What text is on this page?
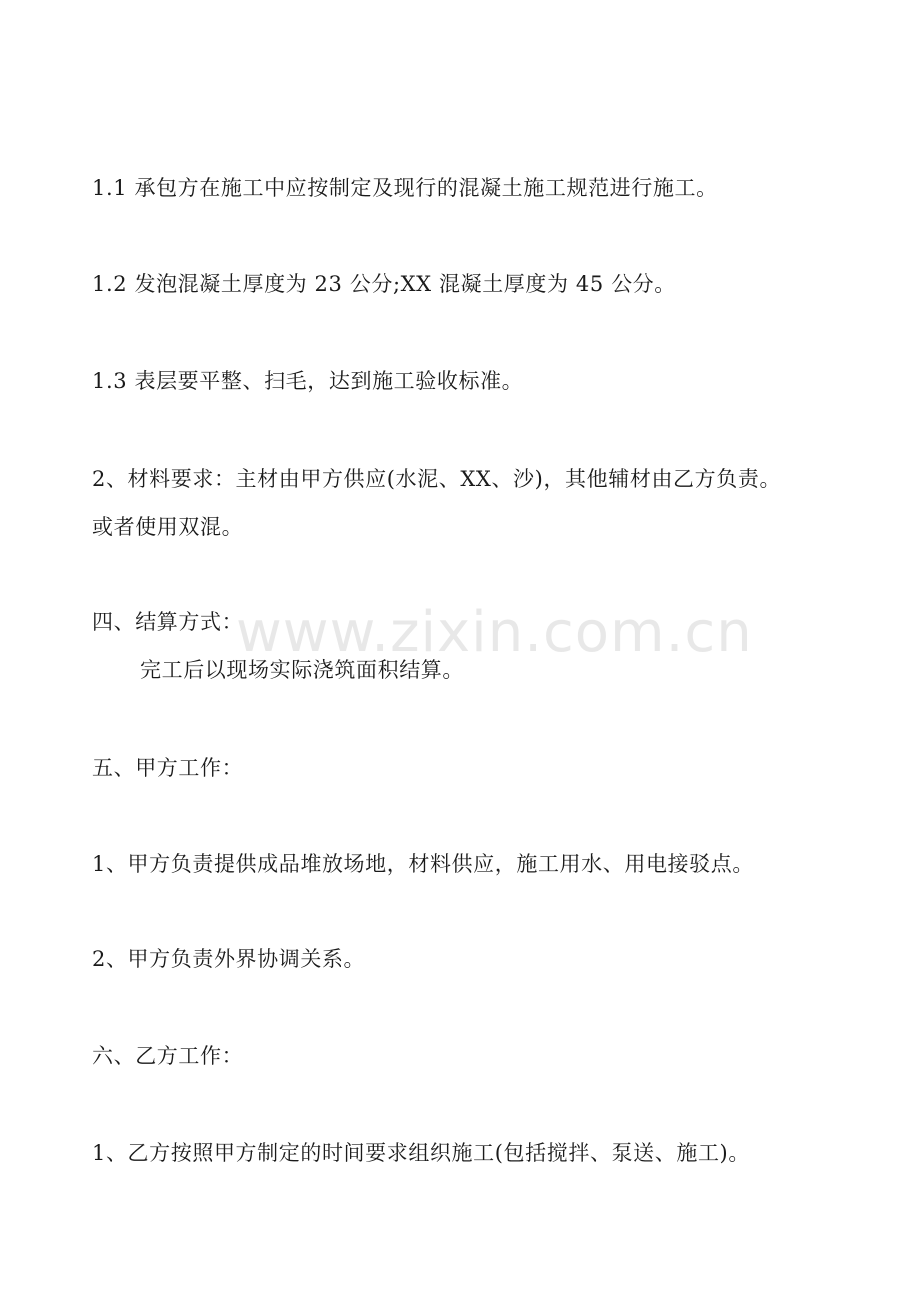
1.1 承包方在施工中应按制定及现行的混凝土施工规范进行施工。
1.2 发泡混凝土厚度为 23 公分;XX 混凝土厚度为 45 公分。
1.3 表层要平整、扫毛，达到施工验收标准。
2、材料要求：主材由甲方供应(水泥、XX、沙)，其他辅材由乙方负责。
或者使用双混。
四、结算方式：
完工后以现场实际浇筑面积结算。
五、甲方工作：
1、甲方负责提供成品堆放场地，材料供应，施工用水、用电接驳点。
2、甲方负责外界协调关系。
六、乙方工作：
1、乙方按照甲方制定的时间要求组织施工(包括搅拌、泵送、施工)。
www.zixin.com.cn
